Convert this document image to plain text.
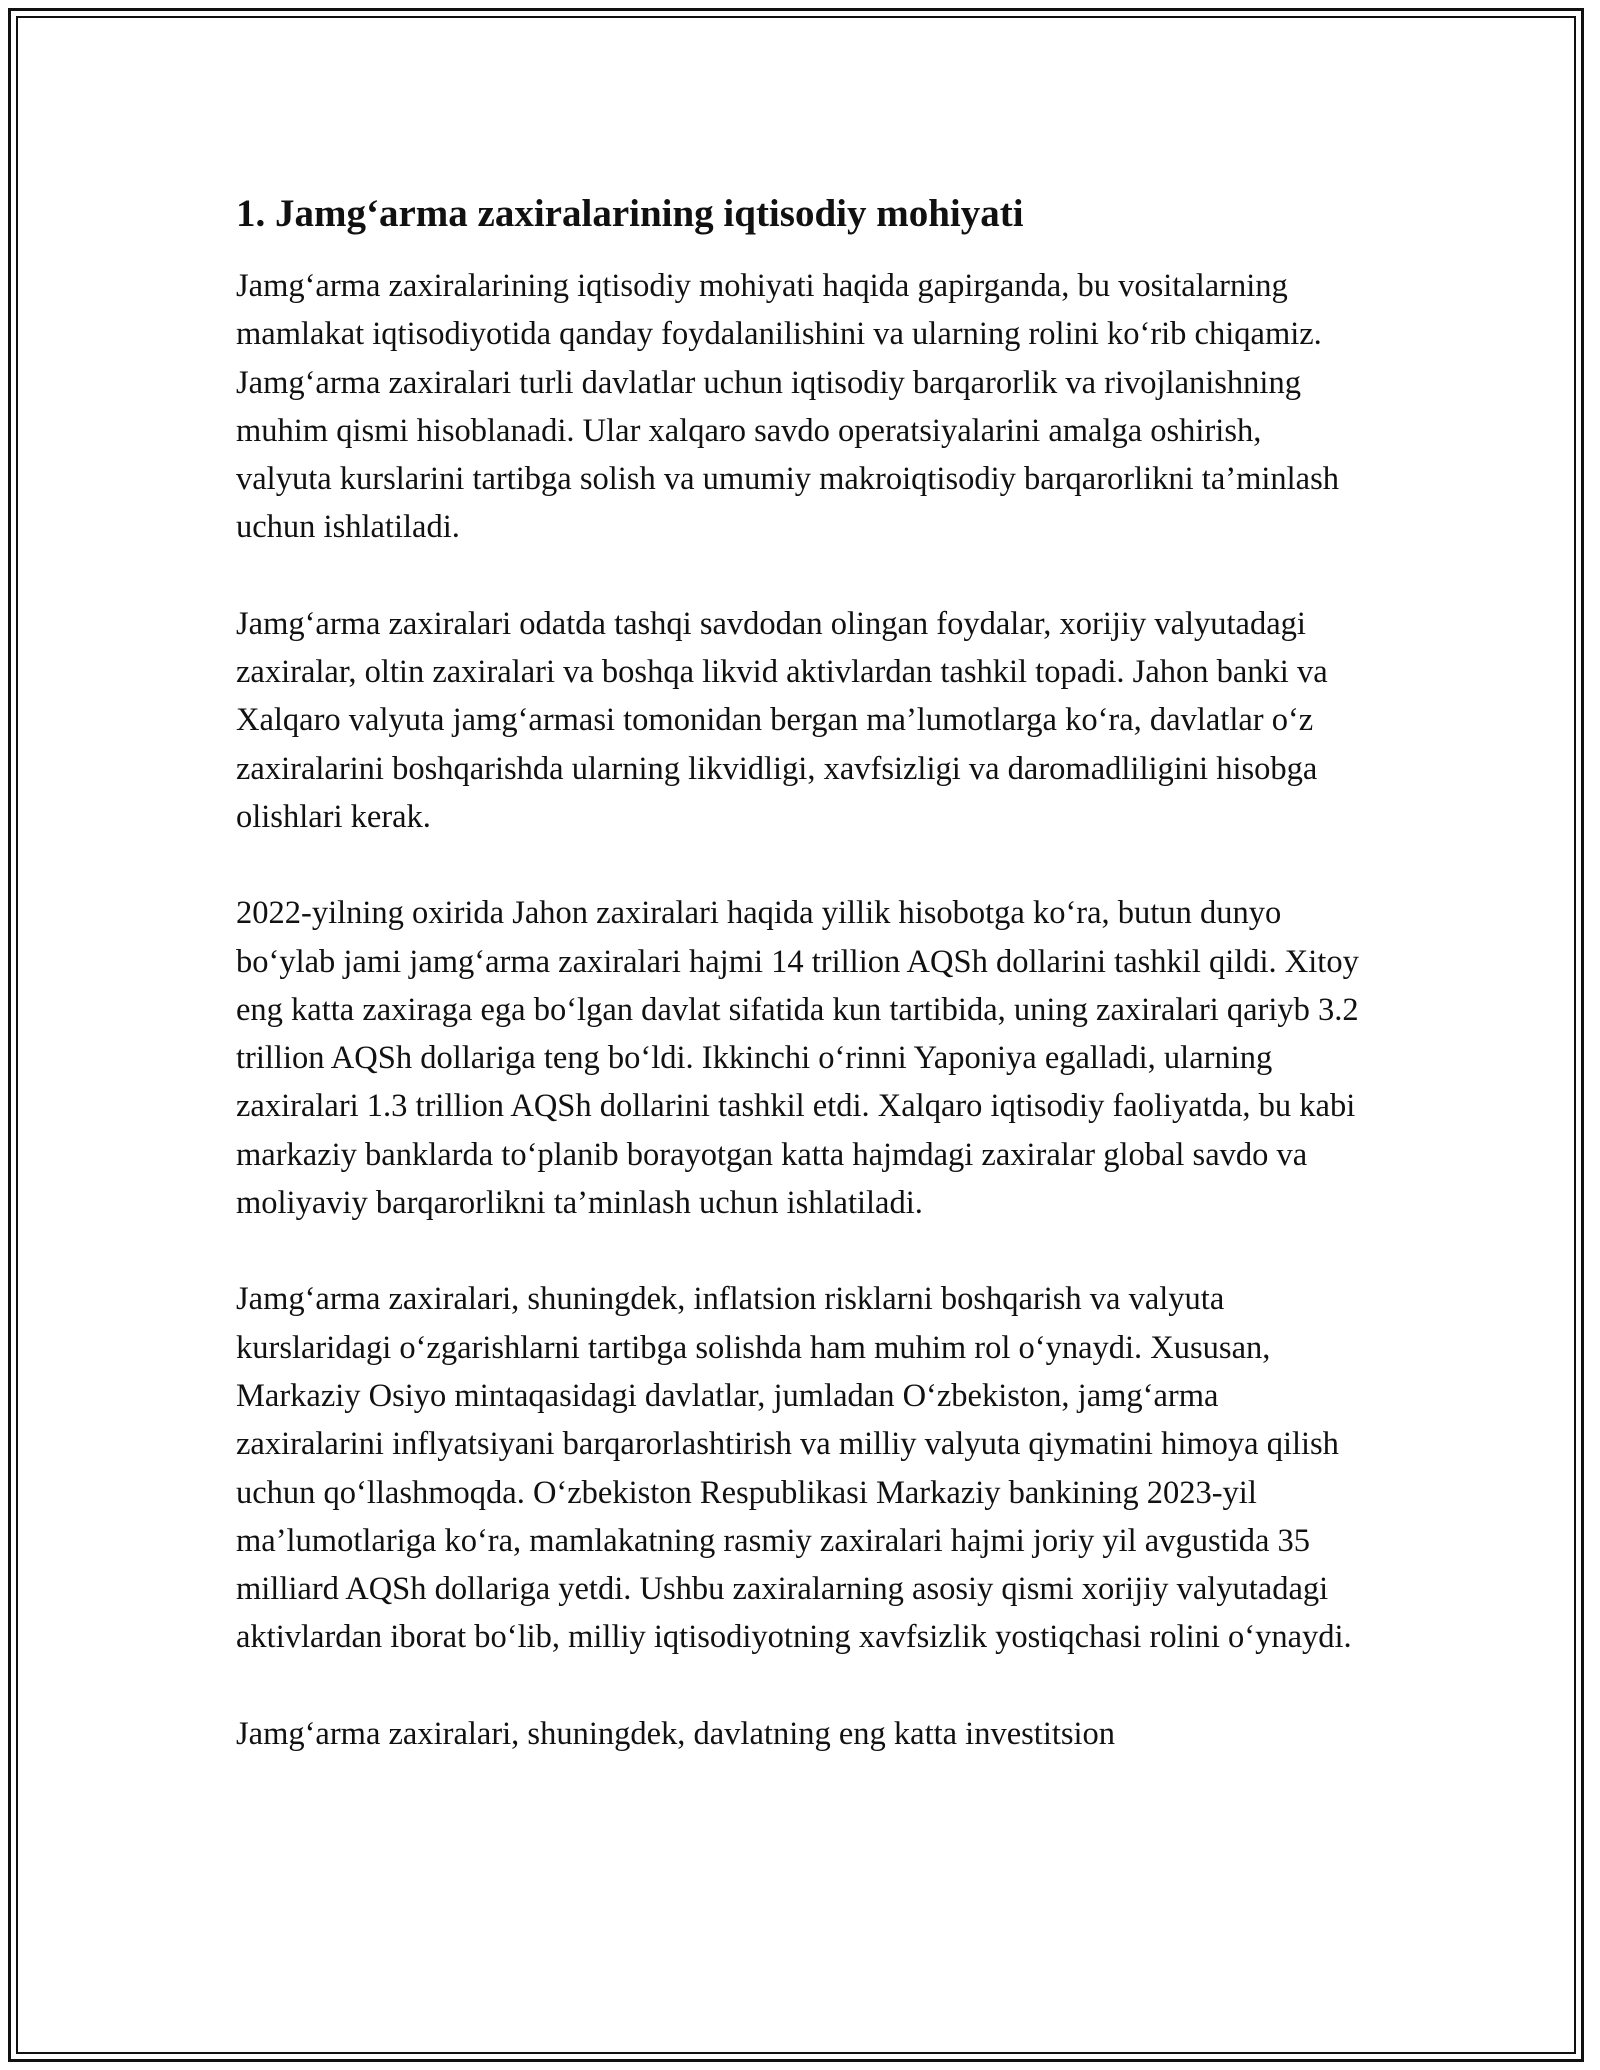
1. Jamg‘arma zaxiralarining iqtisodiy mohiyati

Jamg‘arma zaxiralarining iqtisodiy mohiyati haqida gapirganda, bu vositalarning mamlakat iqtisodiyotida qanday foydalanilishini va ularning rolini ko‘rib chiqamiz. Jamg‘arma zaxiralari turli davlatlar uchun iqtisodiy barqarorlik va rivojlanishning muhim qismi hisoblanadi. Ular xalqaro savdo operatsiyalarini amalga oshirish, valyuta kurslarini tartibga solish va umumiy makroiqtisodiy barqarorlikni ta’minlash uchun ishlatiladi.

Jamg‘arma zaxiralari odatda tashqi savdodan olingan foydalar, xorijiy valyutadagi zaxiralar, oltin zaxiralari va boshqa likvid aktivlardan tashkil topadi. Jahon banki va Xalqaro valyuta jamg‘armasi tomonidan bergan ma’lumotlarga ko‘ra, davlatlar o‘z zaxiralarini boshqarishda ularning likvidligi, xavfsizligi va daromadliligini hisobga olishlari kerak.

2022-yilning oxirida Jahon zaxiralari haqida yillik hisobotga ko‘ra, butun dunyo bo‘ylab jami jamg‘arma zaxiralari hajmi 14 trillion AQSh dollarini tashkil qildi. Xitoy eng katta zaxiraga ega bo‘lgan davlat sifatida kun tartibida, uning zaxiralari qariyb 3.2 trillion AQSh dollariga teng bo‘ldi. Ikkinchi o‘rinni Yaponiya egalladi, ularning zaxiralari 1.3 trillion AQSh dollarini tashkil etdi. Xalqaro iqtisodiy faoliyatda, bu kabi markaziy banklarda to‘planib borayotgan katta hajmdagi zaxiralar global savdo va moliyaviy barqarorlikni ta’minlash uchun ishlatiladi.

Jamg‘arma zaxiralari, shuningdek, inflatsion risklarni boshqarish va valyuta kurslaridagi o‘zgarishlarni tartibga solishda ham muhim rol o‘ynaydi. Xususan, Markaziy Osiyo mintaqasidagi davlatlar, jumladan O‘zbekiston, jamg‘arma zaxiralarini inflyatsiyani barqarorlashtirish va milliy valyuta qiymatini himoya qilish uchun qo‘llashmoqda. O‘zbekiston Respublikasi Markaziy bankining 2023-yil ma’lumotlariga ko‘ra, mamlakatning rasmiy zaxiralari hajmi joriy yil avgustida 35 milliard AQSh dollariga yetdi. Ushbu zaxiralarning asosiy qismi xorijiy valyutadagi aktivlardan iborat bo‘lib, milliy iqtisodiyotning xavfsizlik yostiqchasi rolini o‘ynaydi.

Jamg‘arma zaxiralari, shuningdek, davlatning eng katta investitsion
